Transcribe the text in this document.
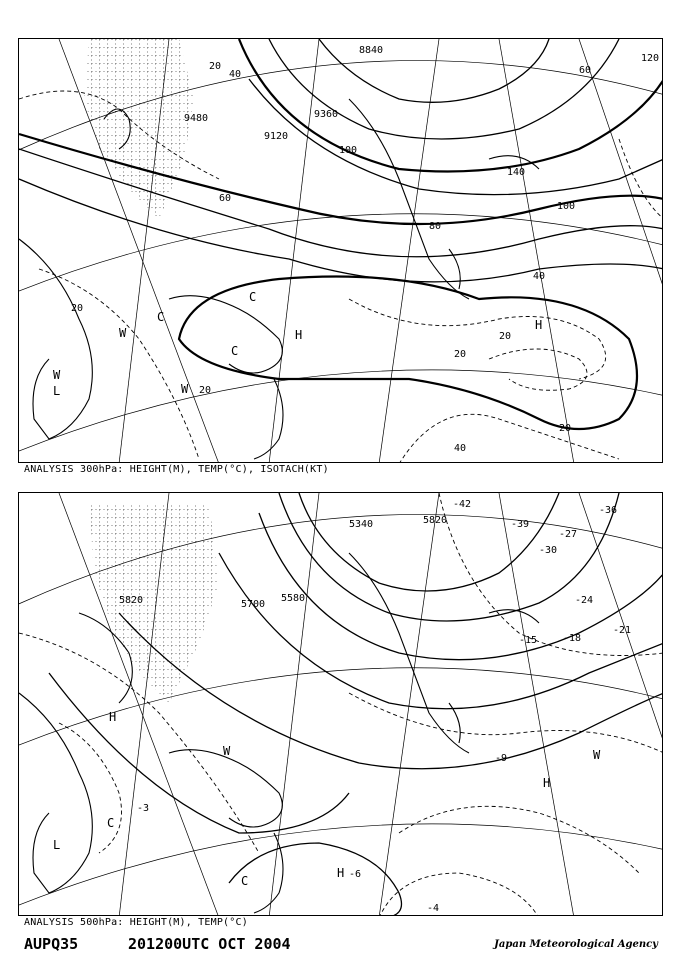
8840
9120
9360
9480
100
100
120
140
80
60
60
40
40
20
20
20
20
20
40
20
H
H
C
C
C
W
W
W
L
ANALYSIS 300hPa: HEIGHT(M), TEMP(°C), ISOTACH(KT)
5340	5820
5700
5580
5820
-42
-39
-36
-30
-27
-24
-21
-18
-15
-9
-6
-4
-3
H
H
H
C
C
W	W
L
ANALYSIS 500hPa: HEIGHT(M), TEMP(°C)
AUPQ35	201200UTC OCT 2004	Japan Meteorological Agency
